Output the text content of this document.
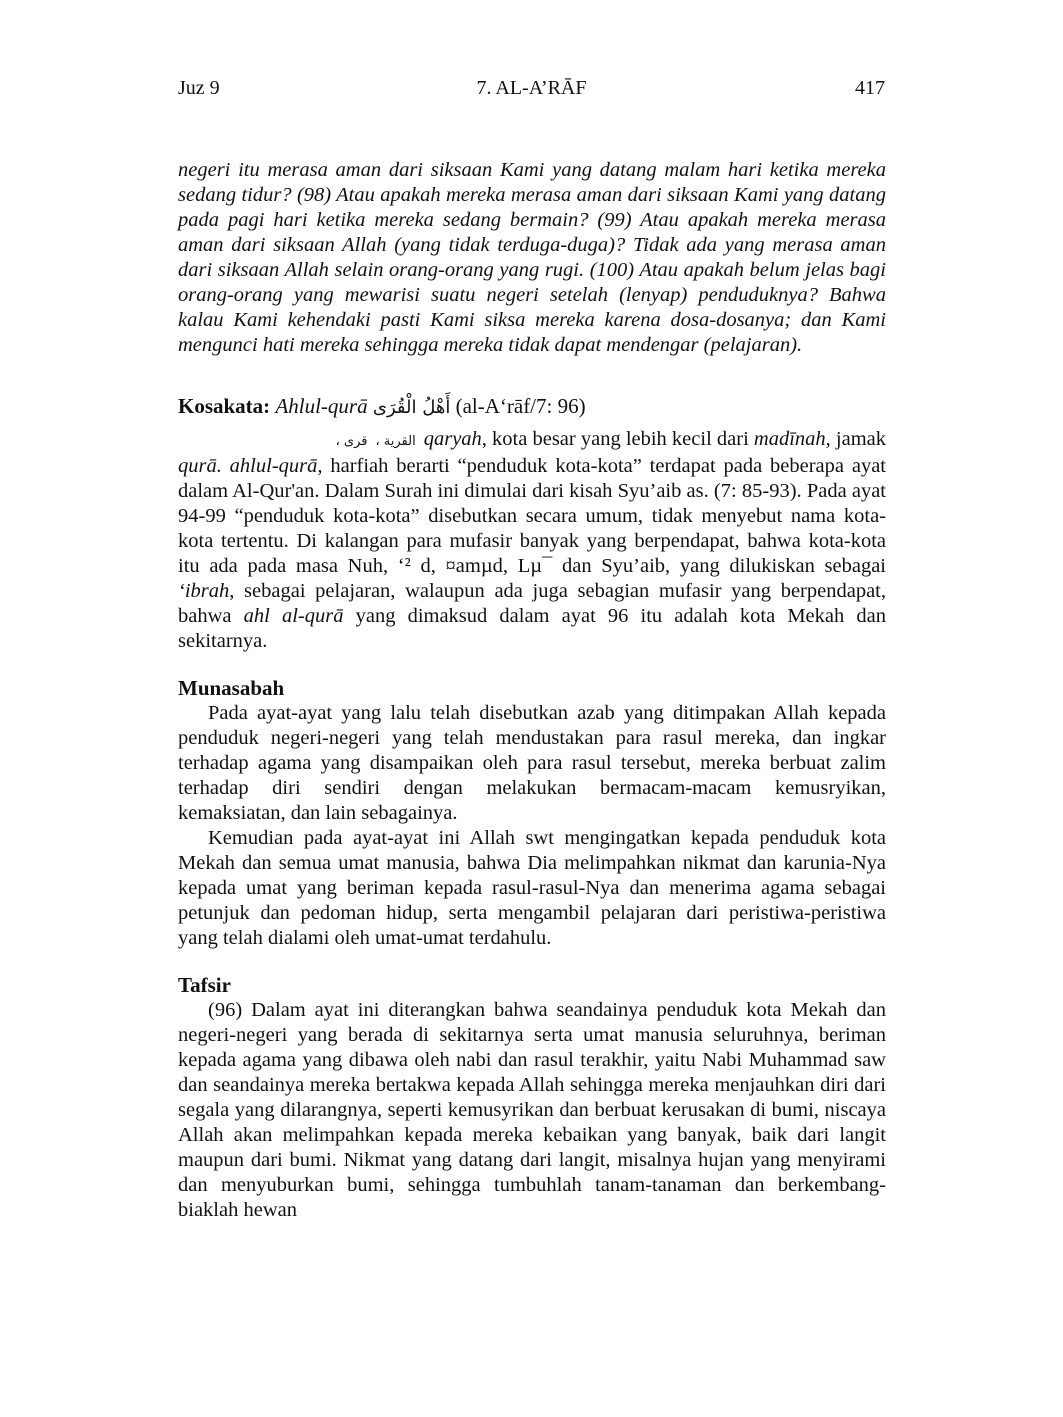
Juz 9	7. AL-A’RĀF	417

negeri itu merasa aman dari siksaan Kami yang datang malam hari ketika mereka sedang tidur? (98) Atau apakah mereka merasa aman dari siksaan Kami yang datang pada pagi hari ketika mereka sedang bermain? (99) Atau apakah mereka merasa aman dari siksaan Allah (yang tidak terduga-duga)? Tidak ada yang merasa aman dari siksaan Allah selain orang-orang yang rugi. (100) Atau apakah belum jelas bagi orang-orang yang mewarisi suatu negeri setelah (lenyap) penduduknya? Bahwa kalau Kami kehendaki pasti Kami siksa mereka karena dosa-dosanya; dan Kami mengunci hati mereka sehingga mereka tidak dapat mendengar (pelajaran).

Kosakata: Ahlul-qurā أَهْلُ الْقُرَى (al-A‘rāf/7: 96)

قرى ، القرية ، qaryah, kota besar yang lebih kecil dari madīnah, jamak
qurā. ahlul-qurā, harfiah berarti “penduduk kota-kota” terdapat pada beberapa ayat dalam Al-Qur'an. Dalam Surah ini dimulai dari kisah Syu’aib as. (7: 85-93). Pada ayat 94-99 “penduduk kota-kota” disebutkan secara umum, tidak menyebut nama kota-kota tertentu. Di kalangan para mufasir banyak yang berpendapat, bahwa kota-kota itu ada pada masa Nuh, ‘² d, ¤amµd, Lµ¯ dan Syu’aib, yang dilukiskan sebagai ‘ibrah, sebagai pelajaran, walaupun ada juga sebagian mufasir yang berpendapat, bahwa ahl al-qurā yang dimaksud dalam ayat 96 itu adalah kota Mekah dan sekitarnya.

Munasabah

Pada ayat-ayat yang lalu telah disebutkan azab yang ditimpakan Allah kepada penduduk negeri-negeri yang telah mendustakan para rasul mereka, dan ingkar terhadap agama yang disampaikan oleh para rasul tersebut, mereka berbuat zalim terhadap diri sendiri dengan melakukan bermacam-macam kemusryikan, kemaksiatan, dan lain sebagainya.

Kemudian pada ayat-ayat ini Allah swt mengingatkan kepada penduduk kota Mekah dan semua umat manusia, bahwa Dia melimpahkan nikmat dan karunia-Nya kepada umat yang beriman kepada rasul-rasul-Nya dan menerima agama sebagai petunjuk dan pedoman hidup, serta mengambil pelajaran dari peristiwa-peristiwa yang telah dialami oleh umat-umat terdahulu.

Tafsir

(96) Dalam ayat ini diterangkan bahwa seandainya penduduk kota Mekah dan negeri-negeri yang berada di sekitarnya serta umat manusia seluruhnya, beriman kepada agama yang dibawa oleh nabi dan rasul terakhir, yaitu Nabi Muhammad saw dan seandainya mereka bertakwa kepada Allah sehingga mereka menjauhkan diri dari segala yang dilarangnya, seperti kemusyrikan dan berbuat kerusakan di bumi, niscaya Allah akan melimpahkan kepada mereka kebaikan yang banyak, baik dari langit maupun dari bumi. Nikmat yang datang dari langit, misalnya hujan yang menyirami dan menyuburkan bumi, sehingga tumbuhlah tanam-tanaman dan berkembang-biaklah hewan
